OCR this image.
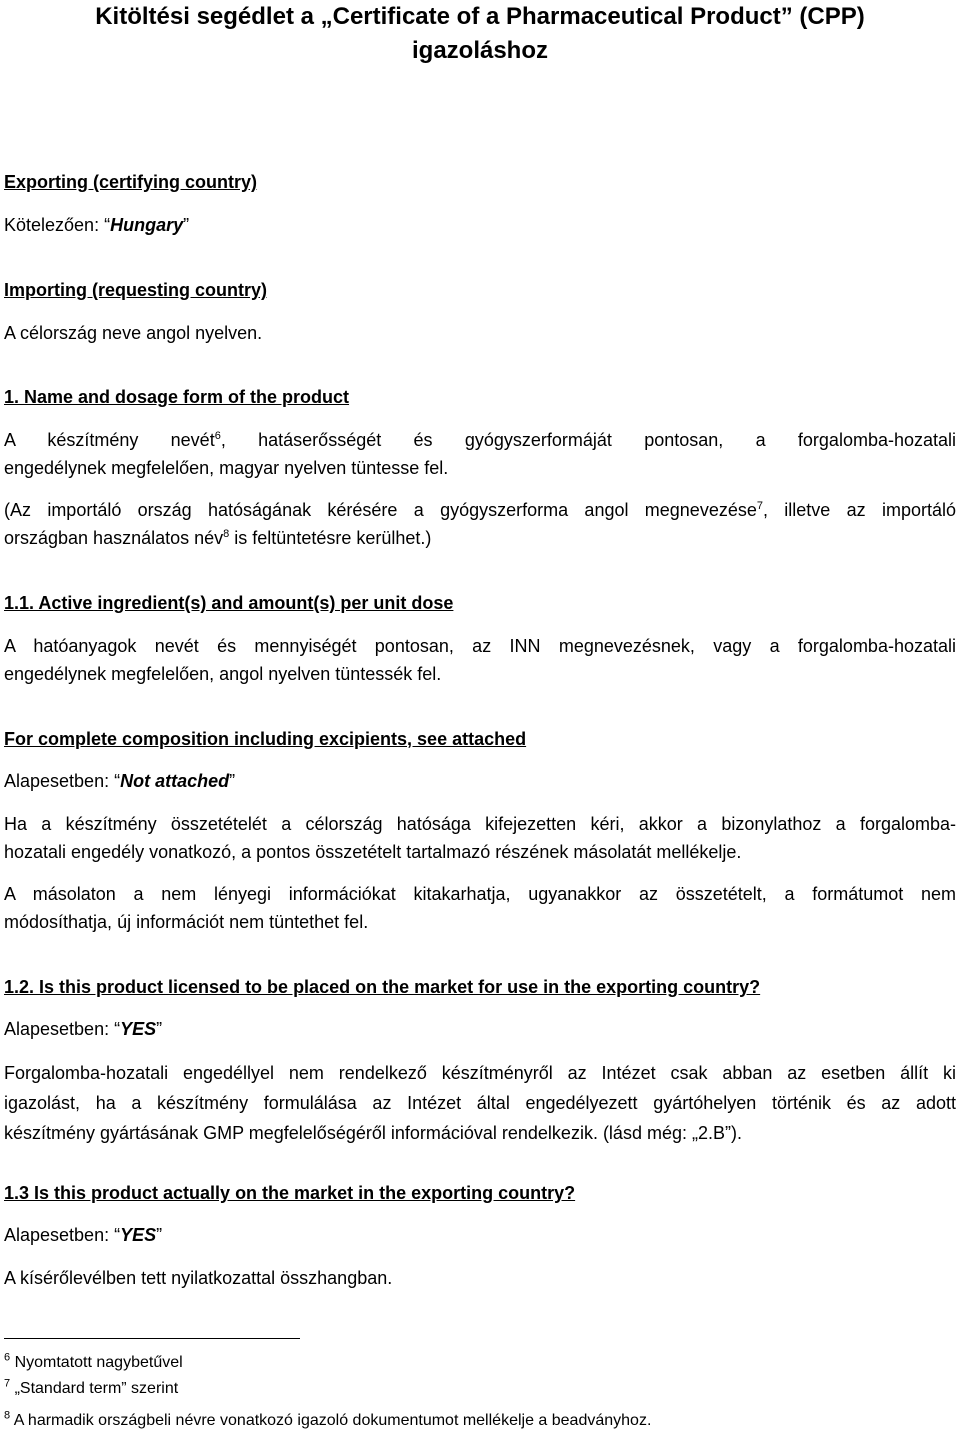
Kitöltési segédlet a „Certificate of a Pharmaceutical Product” (CPP)
igazoláshoz
Exporting (certifying country)
Kötelezően: “Hungary”
Importing (requesting country)
A célország neve angol nyelven.
1. Name and dosage form of the product
A készítmény nevét$^6$, hatáserősségét és gyógyszerformáját pontosan, a forgalomba-hozatali
engedélynek megfelelően, magyar nyelven tüntesse fel.
(Az importáló ország hatóságának kérésére a gyógyszerforma angol megnevezése$^7$, illetve az importáló
országban használatos név$^8$ is feltüntetésre kerülhet.)
1.1. Active ingredient(s) and amount(s) per unit dose
A hatóanyagok nevét és mennyiségét pontosan, az INN megnevezésnek, vagy a forgalomba-hozatali
engedélynek megfelelően, angol nyelven tüntessék fel.
For complete composition including excipients, see attached
Alapesetben: “Not attached”
Ha a készítmény összetételét a célország hatósága kifejezetten kéri, akkor a bizonylathoz a forgalomba-
hozatali engedély vonatkozó, a pontos összetételt tartalmazó részének másolatát mellékelje.
A másolaton a nem lényegi információkat kitakarhatja, ugyanakkor az összetételt, a formátumot nem
módosíthatja, új információt nem tüntethet fel.
1.2. Is this product licensed to be placed on the market for use in the exporting country?
Alapesetben: “YES”
Forgalomba-hozatali engedéllyel nem rendelkező készítményről az Intézet csak abban az esetben állít ki
igazolást, ha a készítmény formulálása az Intézet által engedélyezett gyártóhelyen történik és az adott
készítmény gyártásának GMP megfelelőségéről információval rendelkezik. (lásd még: „2.B”).
1.3 Is this product actually on the market in the exporting country?
Alapesetben: “YES”
A kísérőlevélben tett nyilatkozattal összhangban.
$^6$ Nyomtatott nagybetűvel
$^7$ „Standard term” szerint
$^8$ A harmadik országbeli névre vonatkozó igazoló dokumentumot mellékelje a beadványhoz.
